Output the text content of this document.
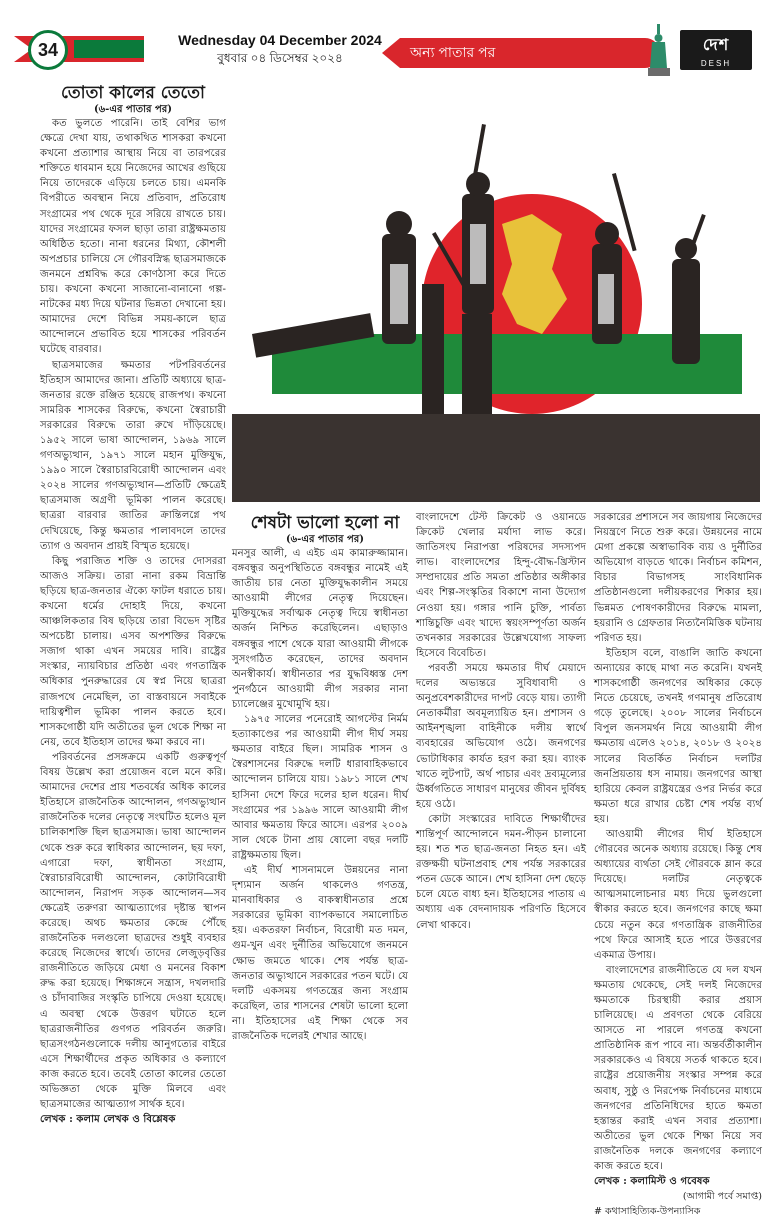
34	Wednesday 04 December 2024
বুধবার ০৪ ডিসেম্বর ২০২৪	অন্য পাতার পর	দেশ
DESH
তোতা কালের তেতো
(৬-এর পাতার পর)

কত ভুলতে পারেনি। তাই বেশির ভাগ ক্ষেত্রে দেখা যায়, তথাকথিত শাসকরা কখনো কখনো প্রত্যাশার আস্থায় নিয়ে বা তারপরের শক্তিতে ধাবমান হয়ে নিজেদের আখের গুছিয়ে নিয়ে তাদেরকে এড়িয়ে চলতে চায়। এমনকি বিপরীতে অবস্থান নিয়ে প্রতিবাদ, প্রতিরোধ সংগ্রামের পথ থেকে দূরে সরিয়ে রাখতে চায়। যাদের সংগ্রামের ফসল ছাড়া তারা রাষ্ট্রক্ষমতায় অধিষ্ঠিত হতো। নানা ধরনের মিথ্যা, কৌশলী অপপ্রচার চালিয়ে সে গৌরবস্নিগ্ধ ছাত্রসমাজকে জনমনে প্রশ্নবিদ্ধ করে কোণঠাসা করে দিতে চায়। কখনো কখনো সাজানো-বানানো গল্প-নাটকের মধ্য দিয়ে ঘটনার ভিন্নতা দেখানো হয়। আমাদের দেশে বিভিন্ন সময়-কালে ছাত্র আন্দোলনে প্রভাবিত হয়ে শাসকের পরিবর্তন ঘটেছে বারবার।

ছাত্রসমাজের ক্ষমতার পটপরিবর্তনের ইতিহাস আমাদের জানা। প্রতিটি অধ্যায়ে ছাত্র-জনতার রক্তে রঞ্জিত হয়েছে রাজপথ। কখনো সামরিক শাসকের বিরুদ্ধে, কখনো স্বৈরাচারী সরকারের বিরুদ্ধে তারা রুখে দাঁড়িয়েছে। ১৯৫২ সালে ভাষা আন্দোলন, ১৯৬৯ সালে গণঅভ্যুত্থান, ১৯৭১ সালে মহান মুক্তিযুদ্ধ, ১৯৯০ সালে স্বৈরাচারবিরোধী আন্দোলন এবং ২০২৪ সালের গণঅভ্যুত্থান—প্রতিটি ক্ষেত্রেই ছাত্রসমাজ অগ্রণী ভূমিকা পালন করেছে। ছাত্ররা বারবার জাতির ক্রান্তিলগ্নে পথ দেখিয়েছে, কিন্তু ক্ষমতার পালাবদলে তাদের ত্যাগ ও অবদান প্রায়ই বিস্মৃত হয়েছে।

কিছু পরাজিত শক্তি ও তাদের দোসররা আজও সক্রিয়। তারা নানা রকম বিভ্রান্তি ছড়িয়ে ছাত্র-জনতার ঐক্যে ফাটল ধরাতে চায়। কখনো ধর্মের দোহাই দিয়ে, কখনো আঞ্চলিকতার বিষ ছড়িয়ে তারা বিভেদ সৃষ্টির অপচেষ্টা চালায়। এসব অপশক্তির বিরুদ্ধে সজাগ থাকা এখন সময়ের দাবি। রাষ্ট্রের সংস্কার, ন্যায়বিচার প্রতিষ্ঠা এবং গণতান্ত্রিক অধিকার পুনরুদ্ধারের যে স্বপ্ন নিয়ে ছাত্ররা রাজপথে নেমেছিল, তা বাস্তবায়নে সবাইকে দায়িত্বশীল ভূমিকা পালন করতে হবে। শাসকগোষ্ঠী যদি অতীতের ভুল থেকে শিক্ষা না নেয়, তবে ইতিহাস তাদের ক্ষমা করবে না।

পরিবর্তনের প্রসঙ্গক্রমে একটি গুরুত্বপূর্ণ বিষয় উল্লেখ করা প্রয়োজন বলে মনে করি। আমাদের দেশের প্রায় শতবর্ষের অধিক কালের ইতিহাসে রাজনৈতিক আন্দোলন, গণঅভ্যুত্থান রাজনৈতিক দলের নেতৃত্বে সংঘটিত হলেও মূল চালিকাশক্তি ছিল ছাত্রসমাজ। ভাষা আন্দোলন থেকে শুরু করে স্বাধিকার আন্দোলন, ছয় দফা, এগারো দফা, স্বাধীনতা সংগ্রাম, স্বৈরাচারবিরোধী আন্দোলন, কোটাবিরোধী আন্দোলন, নিরাপদ সড়ক আন্দোলন—সব ক্ষেত্রেই তরুণরা আত্মত্যাগের দৃষ্টান্ত স্থাপন করেছে। অথচ ক্ষমতার কেন্দ্রে পৌঁছে রাজনৈতিক দলগুলো ছাত্রদের শুধুই ব্যবহার করেছে নিজেদের স্বার্থে। তাদের লেজুড়বৃত্তির রাজনীতিতে জড়িয়ে মেধা ও মননের বিকাশ রুদ্ধ করা হয়েছে। শিক্ষাঙ্গনে সন্ত্রাস, দখলদারি ও চাঁদাবাজির সংস্কৃতি চাপিয়ে দেওয়া হয়েছে। এ অবস্থা থেকে উত্তরণ ঘটাতে হলে ছাত্ররাজনীতির গুণগত পরিবর্তন জরুরি। ছাত্রসংগঠনগুলোকে দলীয় আনুগত্যের বাইরে এসে শিক্ষার্থীদের প্রকৃত অধিকার ও কল্যাণে কাজ করতে হবে। তবেই তোতা কালের তেতো অভিজ্ঞতা থেকে মুক্তি মিলবে এবং ছাত্রসমাজের আত্মত্যাগ সার্থক হবে।

লেখক : কলাম লেখক ও বিশ্লেষক

শেষটা ভালো হলো না
(৬-এর পাতার পর)

মনসুর আলী, এ এইচ এম কামারুজ্জামান। বঙ্গবন্ধুর অনুপস্থিতিতে বঙ্গবন্ধুর নামেই এই জাতীয় চার নেতা মুক্তিযুদ্ধকালীন সময়ে আওয়ামী লীগের নেতৃত্ব দিয়েছেন। মুক্তিযুদ্ধের সর্বাত্মক নেতৃত্ব দিয়ে স্বাধীনতা অর্জন নিশ্চিত করেছিলেন। এছাড়াও বঙ্গবন্ধুর পাশে থেকে যারা আওয়ামী লীগকে সুসংগঠিত করেছেন, তাদের অবদান অনস্বীকার্য। স্বাধীনতার পর যুদ্ধবিধ্বস্ত দেশ পুনর্গঠনে আওয়ামী লীগ সরকার নানা চ্যালেঞ্জের মুখোমুখি হয়।

১৯৭৫ সালের পনেরোই আগস্টের নির্মম হত্যাকাণ্ডের পর আওয়ামী লীগ দীর্ঘ সময় ক্ষমতার বাইরে ছিল। সামরিক শাসন ও স্বৈরশাসনের বিরুদ্ধে দলটি ধারাবাহিকভাবে আন্দোলন চালিয়ে যায়। ১৯৮১ সালে শেখ হাসিনা দেশে ফিরে দলের হাল ধরেন। দীর্ঘ সংগ্রামের পর ১৯৯৬ সালে আওয়ামী লীগ আবার ক্ষমতায় ফিরে আসে। এরপর ২০০৯ সাল থেকে টানা প্রায় ষোলো বছর দলটি রাষ্ট্রক্ষমতায় ছিল।

এই দীর্ঘ শাসনামলে উন্নয়নের নানা দৃশ্যমান অর্জন থাকলেও গণতন্ত্র, মানবাধিকার ও বাকস্বাধীনতার প্রশ্নে সরকারের ভূমিকা ব্যাপকভাবে সমালোচিত হয়। একতরফা নির্বাচন, বিরোধী মত দমন, গুম-খুন এবং দুর্নীতির অভিযোগে জনমনে ক্ষোভ জমতে থাকে। শেষ পর্যন্ত ছাত্র-জনতার অভ্যুত্থানে সরকারের পতন ঘটে। যে দলটি একসময় গণতন্ত্রের জন্য সংগ্রাম করেছিল, তার শাসনের শেষটা ভালো হলো না। ইতিহাসের এই শিক্ষা থেকে সব রাজনৈতিক দলেরই শেখার আছে।

বাংলাদেশে টেস্ট ক্রিকেট ও ওয়ানডে ক্রিকেট খেলার মর্যাদা লাভ করে। জাতিসংঘ নিরাপত্তা পরিষদের সদস্যপদ লাভ। বাংলাদেশের হিন্দু-বৌদ্ধ-খ্রিস্টান সম্প্রদায়ের প্রতি সমতা প্রতিষ্ঠার অঙ্গীকার এবং শিল্প-সংস্কৃতির বিকাশে নানা উদ্যোগ নেওয়া হয়। গঙ্গার পানি চুক্তি, পার্বত্য শান্তিচুক্তি এবং খাদ্যে স্বয়ংসম্পূর্ণতা অর্জন তখনকার সরকারের উল্লেখযোগ্য সাফল্য হিসেবে বিবেচিত।

পরবর্তী সময়ে ক্ষমতার দীর্ঘ মেয়াদে দলের অভ্যন্তরে সুবিধাবাদী ও অনুপ্রবেশকারীদের দাপট বেড়ে যায়। ত্যাগী নেতাকর্মীরা অবমূল্যায়িত হন। প্রশাসন ও আইনশৃঙ্খলা বাহিনীকে দলীয় স্বার্থে ব্যবহারের অভিযোগ ওঠে। জনগণের ভোটাধিকার কার্যত হরণ করা হয়। ব্যাংক খাতে লুটপাট, অর্থ পাচার এবং দ্রব্যমূল্যের ঊর্ধ্বগতিতে সাধারণ মানুষের জীবন দুর্বিষহ হয়ে ওঠে।

কোটা সংস্কারের দাবিতে শিক্ষার্থীদের শান্তিপূর্ণ আন্দোলনে দমন-পীড়ন চালানো হয়। শত শত ছাত্র-জনতা নিহত হন। এই রক্তক্ষয়ী ঘটনাপ্রবাহ শেষ পর্যন্ত সরকারের পতন ডেকে আনে। শেখ হাসিনা দেশ ছেড়ে চলে যেতে বাধ্য হন। ইতিহাসের পাতায় এ অধ্যায় এক বেদনাদায়ক পরিণতি হিসেবে লেখা থাকবে।

সরকারের প্রশাসনে সব জায়গায় নিজেদের নিয়ন্ত্রণে নিতে শুরু করে। উন্নয়নের নামে মেগা প্রকল্পে অস্বাভাবিক ব্যয় ও দুর্নীতির অভিযোগ বাড়তে থাকে। নির্বাচন কমিশন, বিচার বিভাগসহ সাংবিধানিক প্রতিষ্ঠানগুলো দলীয়করণের শিকার হয়। ভিন্নমত পোষণকারীদের বিরুদ্ধে মামলা, হয়রানি ও গ্রেফতার নিত্যনৈমিত্তিক ঘটনায় পরিণত হয়।

ইতিহাস বলে, বাঙালি জাতি কখনো অন্যায়ের কাছে মাথা নত করেনি। যখনই শাসকগোষ্ঠী জনগণের অধিকার কেড়ে নিতে চেয়েছে, তখনই গণমানুষ প্রতিরোধ গড়ে তুলেছে। ২০০৮ সালের নির্বাচনে বিপুল জনসমর্থন নিয়ে আওয়ামী লীগ ক্ষমতায় এলেও ২০১৪, ২০১৮ ও ২০২৪ সালের বিতর্কিত নির্বাচন দলটির জনপ্রিয়তায় ধস নামায়। জনগণের আস্থা হারিয়ে কেবল রাষ্ট্রযন্ত্রের ওপর নির্ভর করে ক্ষমতা ধরে রাখার চেষ্টা শেষ পর্যন্ত ব্যর্থ হয়।

আওয়ামী লীগের দীর্ঘ ইতিহাসে গৌরবের অনেক অধ্যায় রয়েছে। কিন্তু শেষ অধ্যায়ের ব্যর্থতা সেই গৌরবকে ম্লান করে দিয়েছে। দলটির নেতৃত্বকে আত্মসমালোচনার মধ্য দিয়ে ভুলগুলো স্বীকার করতে হবে। জনগণের কাছে ক্ষমা চেয়ে নতুন করে গণতান্ত্রিক রাজনীতির পথে ফিরে আসাই হতে পারে উত্তরণের একমাত্র উপায়।

বাংলাদেশের রাজনীতিতে যে দল যখন ক্ষমতায় থেকেছে, সেই দলই নিজেদের ক্ষমতাকে চিরস্থায়ী করার প্রয়াস চালিয়েছে। এ প্রবণতা থেকে বেরিয়ে আসতে না পারলে গণতন্ত্র কখনো প্রাতিষ্ঠানিক রূপ পাবে না। অন্তর্বর্তীকালীন সরকারকেও এ বিষয়ে সতর্ক থাকতে হবে। রাষ্ট্রের প্রয়োজনীয় সংস্কার সম্পন্ন করে অবাধ, সুষ্ঠু ও নিরপেক্ষ নির্বাচনের মাধ্যমে জনগণের প্রতিনিধিদের হাতে ক্ষমতা হস্তান্তর করাই এখন সবার প্রত্যাশা। অতীতের ভুল থেকে শিক্ষা নিয়ে সব রাজনৈতিক দলকে জনগণের কল্যাণে কাজ করতে হবে।

লেখক : কলামিস্ট ও গবেষক

(আগামী পর্বে সমাপ্ত)

# কথাসাহিত্যিক-উপন্যাসিক
